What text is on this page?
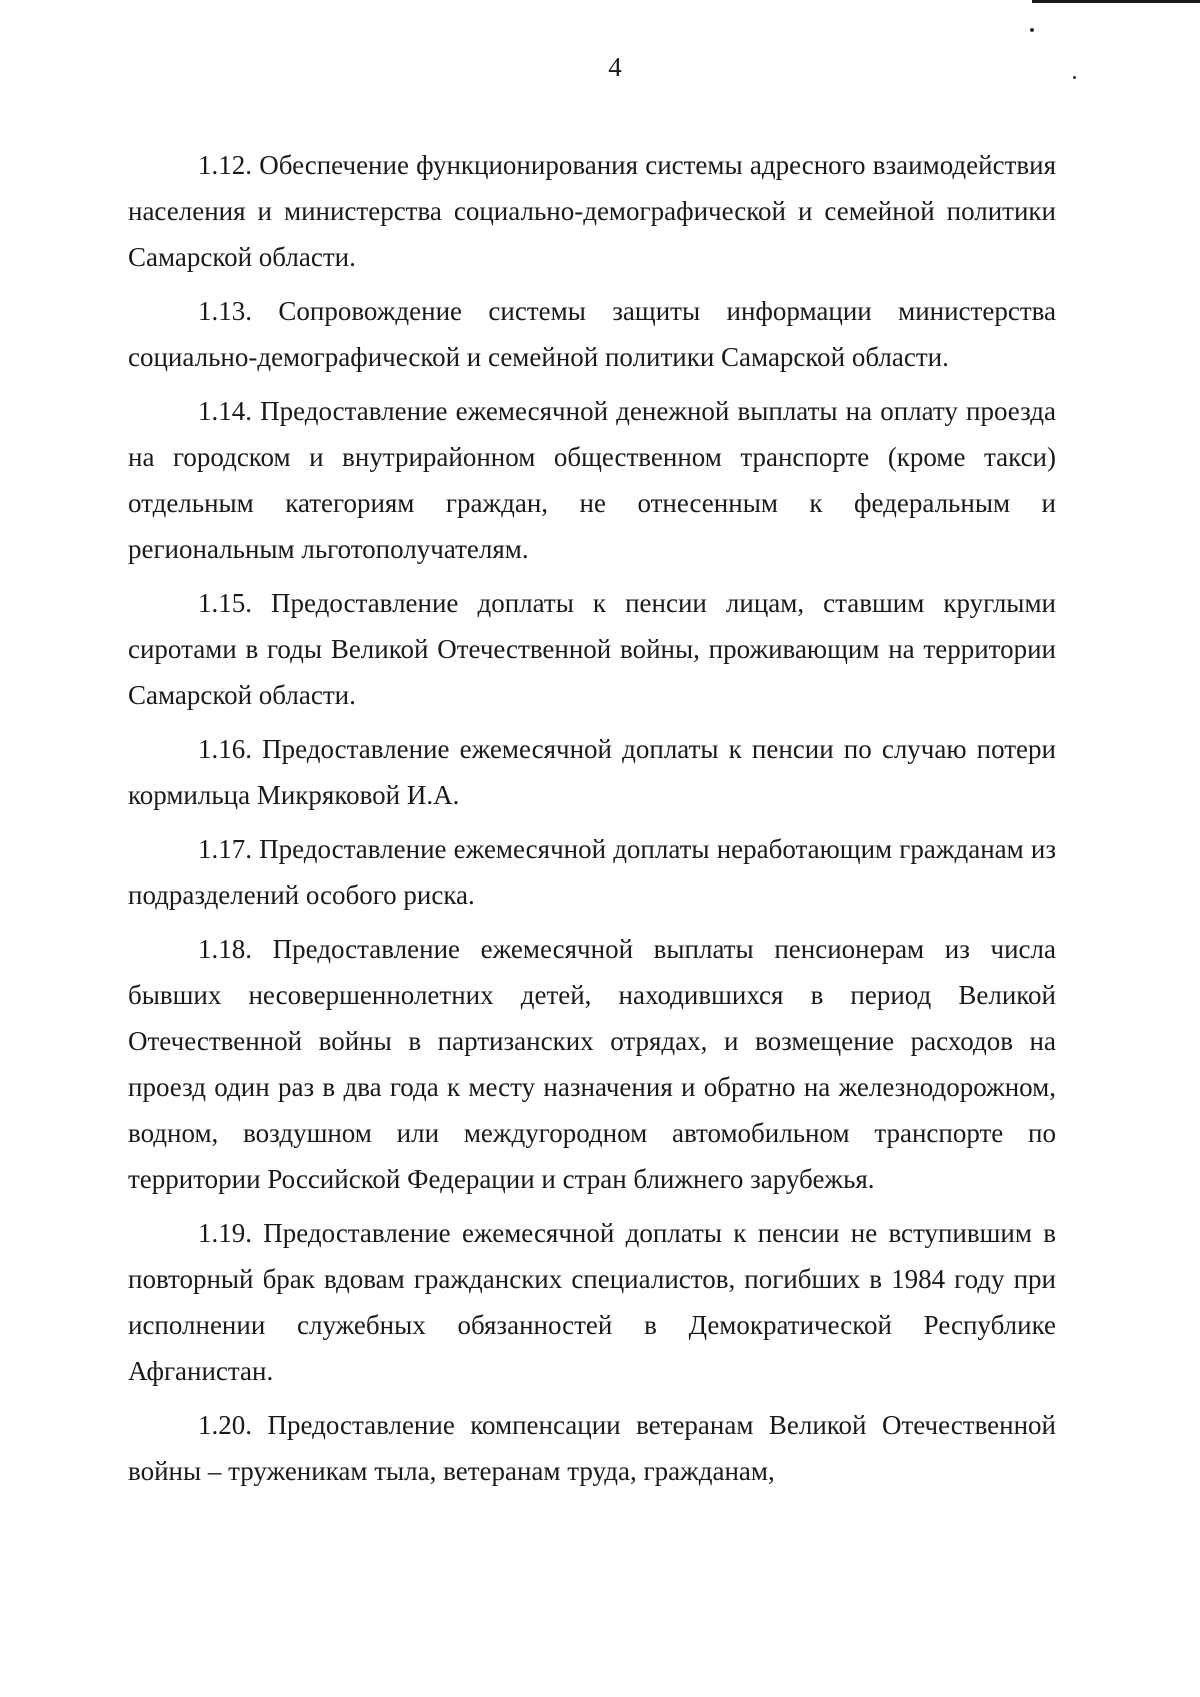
4

1.12. Обеспечение функционирования системы адресного взаимодействия населения и министерства социально-демографической и семейной политики Самарской области.

1.13. Сопровождение системы защиты информации министерства социально-демографической и семейной политики Самарской области.

1.14. Предоставление ежемесячной денежной выплаты на оплату проезда на городском и внутрирайонном общественном транспорте (кроме такси) отдельным категориям граждан, не отнесенным к федеральным и региональным льготополучателям.

1.15. Предоставление доплаты к пенсии лицам, ставшим круглыми сиротами в годы Великой Отечественной войны, проживающим на территории Самарской области.

1.16. Предоставление ежемесячной доплаты к пенсии по случаю потери кормильца Микряковой И.А.

1.17. Предоставление ежемесячной доплаты неработающим гражданам из подразделений особого риска.

1.18. Предоставление ежемесячной выплаты пенсионерам из числа бывших несовершеннолетних детей, находившихся в период Великой Отечественной войны в партизанских отрядах, и возмещение расходов на проезд один раз в два года к месту назначения и обратно на железнодорожном, водном, воздушном или междугородном автомобильном транспорте по территории Российской Федерации и стран ближнего зарубежья.

1.19. Предоставление ежемесячной доплаты к пенсии не вступившим в повторный брак вдовам гражданских специалистов, погибших в 1984 году при исполнении служебных обязанностей в Демократической Республике Афганистан.

1.20. Предоставление компенсации ветеранам Великой Отечественной войны – труженикам тыла, ветеранам труда, гражданам,
